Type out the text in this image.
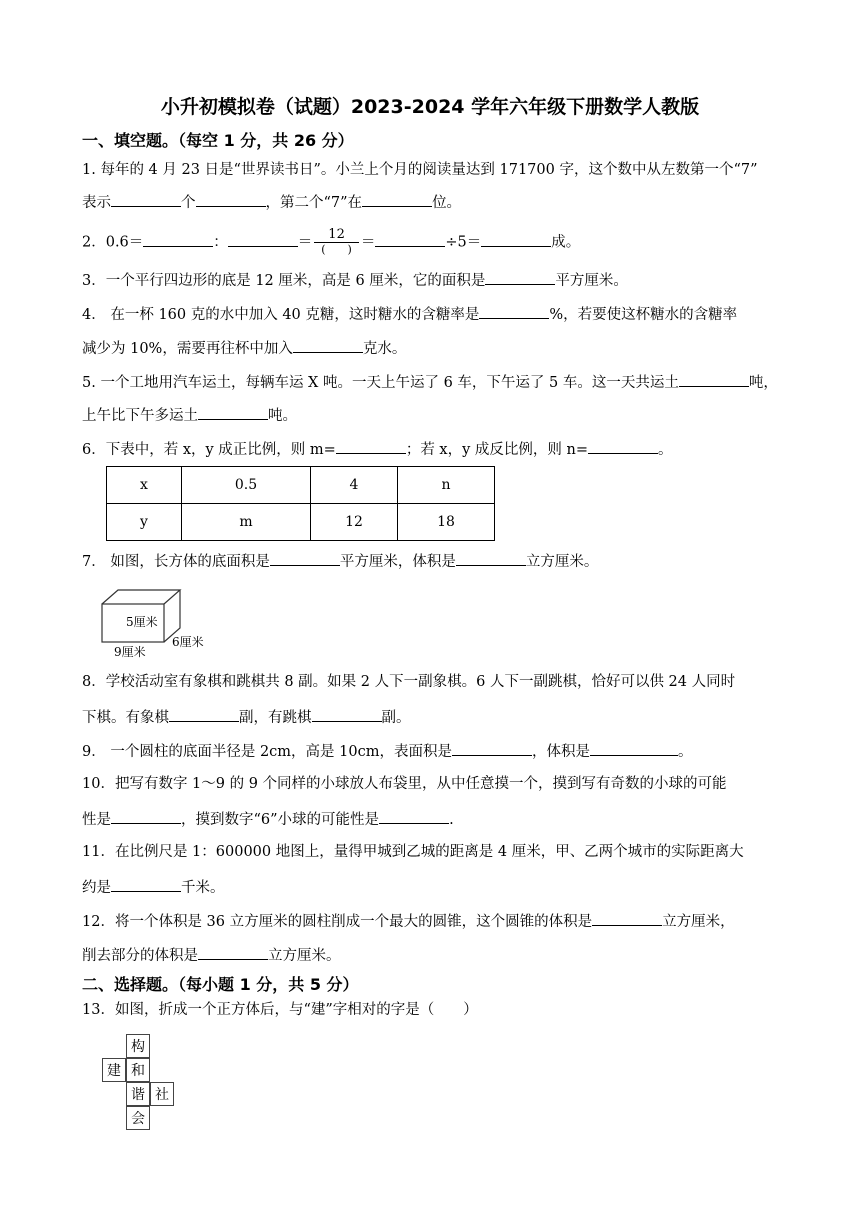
小升初模拟卷（试题）2023-2024 学年六年级下册数学人教版
一、填空题。（每空 1 分，共 26 分）
1. 每年的 4 月 23 日是“世界读书日”。小兰上个月的阅读量达到 171700 字，这个数中从左数第一个“7”
表示	个	，第二个“7”在	位。
2．0.6＝	：	＝ $\frac{12}{( )}$ ＝	÷5＝	成。
3．一个平行四边形的底是 12 厘米，高是 6 厘米，它的面积是	平方厘米。
4． 在一杯 160 克的水中加入 40 克糖，这时糖水的含糖率是	%，若要使这杯糖水的含糖率
减少为 10%，需要再往杯中加入	克水。
5. 一个工地用汽车运土，每辆车运 X 吨。一天上午运了 6 车，下午运了 5 车。这一天共运土	吨，
上午比下午多运土	吨。
6．下表中，若 x，y 成正比例，则 m=	；若 x，y 成反比例，则 n=	。
x	0.5	4	n
y	m	12	18
7． 如图，长方体的底面积是	平方厘米，体积是	立方厘米。
5厘米
6厘米
9厘米
8．学校活动室有象棋和跳棋共 8 副。如果 2 人下一副象棋。6 人下一副跳棋，恰好可以供 24 人同时
下棋。有象棋	副，有跳棋	副。
9． 一个圆柱的底面半径是 2cm，高是 10cm，表面积是	，体积是	。
10．把写有数字 1～9 的 9 个同样的小球放人布袋里，从中任意摸一个，摸到写有奇数的小球的可能
性是	，摸到数字“6”小球的可能性是	.
11．在比例尺是 1：600000 地图上，量得甲城到乙城的距离是 4 厘米，甲、乙两个城市的实际距离大
约是	千米。
12．将一个体积是 36 立方厘米的圆柱削成一个最大的圆锥，这个圆锥的体积是	立方厘米，
削去部分的体积是	立方厘米。
二、选择题。（每小题 1 分，共 5 分）
13．如图，折成一个正方体后，与“建”字相对的字是（　　）
构
建 和
谐 社
会
